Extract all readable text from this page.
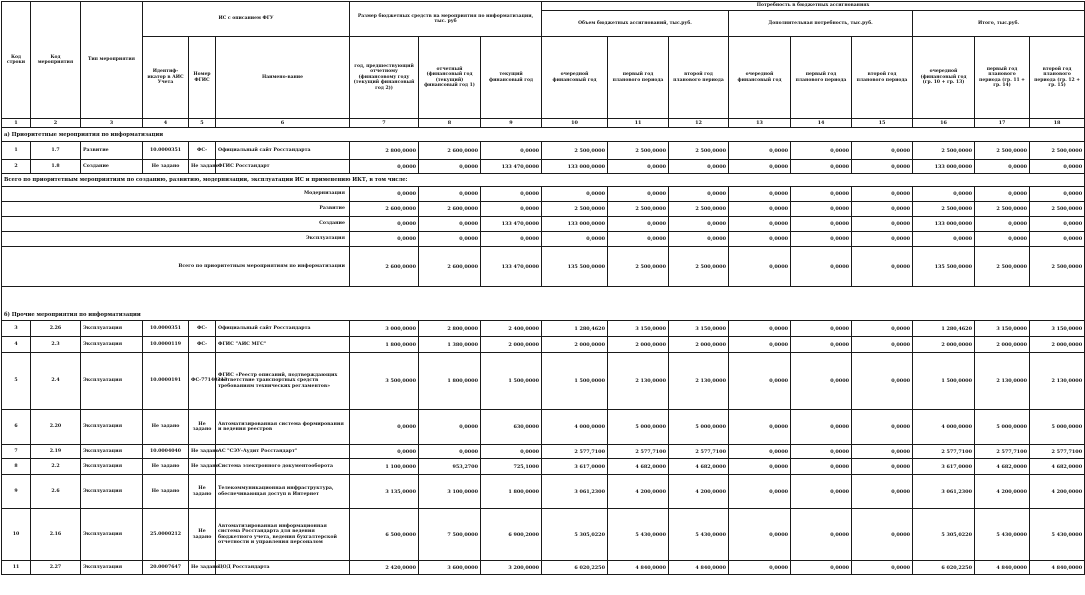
Код строки	Код мероприятия	Тип мероприятия	ИС с описанием ФГУ			Размер бюджетных средств на мероприятия по информатизации, тыс. руб			Потребность в бюджетных ассигнованиях								
									Объем бюджетных ассигнований, тыс.руб.			Дополнительная потребность, тыс.руб.			Итого, тыс.руб.		
			Идентиф-икатор в АИС Учета	Номер ФГИС	Наимено-вание	год, предшествующий отчетному (финансовому году (текущий финансовый год 2))	отчетный (финансовый год (текущий) финансовый год 1)	текущий финансовый год	очередной финансовый год	первый год планового периода	второй год планового периода	очередной финансовый год	первый год планового периода	второй год планового периода	очередной (финансовый год (гр. 10 + гр. 13)	первый год планового периода (гр. 11 + гр. 14)	второй год планового периода (гр. 12 + гр. 15)
1	2	3	4	5	6	7	8	9	10	11	12	13	14	15	16	17	18
а) Приоритетные мероприятия по информатизации																	
1	1.7	Развитие	10.0000351	ФС-	Официальный сайт Росстандарта	2 800,0000	2 600,0000	0,0000	2 500,0000	2 500,0000	2 500,0000	0,0000	0,0000	0,0000	2 500,0000	2 500,0000	2 500,0000
2	1.8	Создание	Не задано	Не задано	ФГИС Росстандарт	0,0000	0,0000	133 470,0000	133 000,0000	0,0000	0,0000	0,0000	0,0000	0,0000	133 000,0000	0,0000	0,0000
Всего по приоритетным мероприятиям по созданию, развитию, модернизации, эксплуатации ИС и применению ИКТ, в том числе:																	
Модернизация						0,0000	0,0000	0,0000	0,0000	0,0000	0,0000	0,0000	0,0000	0,0000	0,0000	0,0000	0,0000
Развитие						2 600,0000	2 600,0000	0,0000	2 500,0000	2 500,0000	2 500,0000	0,0000	0,0000	0,0000	2 500,0000	2 500,0000	2 500,0000
Создание						0,0000	0,0000	133 470,0000	133 000,0000	0,0000	0,0000	0,0000	0,0000	0,0000	133 000,0000	0,0000	0,0000
Эксплуатация						0,0000	0,0000	0,0000	0,0000	0,0000	0,0000	0,0000	0,0000	0,0000	0,0000	0,0000	0,0000
Всего по приоритетным мероприятиям по информатизации						2 600,0000	2 600,0000	133 470,0000	135 500,0000	2 500,0000	2 500,0000	0,0000	0,0000	0,0000	135 500,0000	2 500,0000	2 500,0000
б) Прочие мероприятия по информатизации																	
3	2.26	Эксплуатация	10.0000351	ФС-	Официальный сайт Росстандарта	3 000,0000	2 800,0000	2 400,0000	1 280,4620	3 150,0000	3 150,0000	0,0000	0,0000	0,0000	1 280,4620	3 150,0000	3 150,0000
4	2.3	Эксплуатация	10.0000119	ФС-	ФГИС "АИС МГС"	1 800,0000	1 380,0000	2 000,0000	2 000,0000	2 000,0000	2 000,0000	0,0000	0,0000	0,0000	2 000,0000	2 000,0000	2 000,0000
5	2.4	Эксплуатация	10.0000191	ФС-77140313	ФГИС «Реестр описаний, подтверждающих соответствие транспортных средств требованиям технических регламентов»	3 500,0000	1 800,0000	1 500,0000	1 500,0000	2 130,0000	2 130,0000	0,0000	0,0000	0,0000	1 500,0000	2 130,0000	2 130,0000
6	2.20	Эксплуатация	Не задано	Не задано	Автоматизированная система формирования и ведения реестров	0,0000	0,0000	630,0000	4 000,0000	5 000,0000	5 000,0000	0,0000	0,0000	0,0000	4 000,0000	5 000,0000	5 000,0000
7	2.19	Эксплуатация	10.0004040	Не задано	АС "СЭУ-Аудит Росстандарт"	0,0000	0,0000	0,0000	2 577,7100	2 577,7100	2 577,7100	0,0000	0,0000	0,0000	2 577,7100	2 577,7100	2 577,7100
8	2.2	Эксплуатация	Не задано	Не задано	Система электронного документооборота	1 100,0000	953,2700	725,1000	3 617,0000	4 682,0000	4 682,0000	0,0000	0,0000	0,0000	3 617,0000	4 682,0000	4 682,0000
9	2.6	Эксплуатация	Не задано	Не задано	Телекоммуникационная инфраструктура, обеспечивающая доступ в Интернет	3 135,0000	3 100,0000	1 800,0000	3 061,2300	4 200,0000	4 200,0000	0,0000	0,0000	0,0000	3 061,2300	4 200,0000	4 200,0000
10	2.16	Эксплуатация	25.0000212	Не задано	Автоматизированная информационная система Росстандарта для ведения бюджетного учета, ведения бухгалтерской отчетности и управления персоналом	6 500,0000	7 500,0000	6 900,2000	5 305,0220	5 430,0000	5 430,0000	0,0000	0,0000	0,0000	5 305,0220	5 430,0000	5 430,0000
11	2.27	Эксплуатация	20.0007647	Не задано	ЦОД Росстандарта	2 420,0000	3 600,0000	3 200,0000	6 020,2250	4 840,0000	4 840,0000	0,0000	0,0000	0,0000	6 020,2250	4 840,0000	4 840,0000
